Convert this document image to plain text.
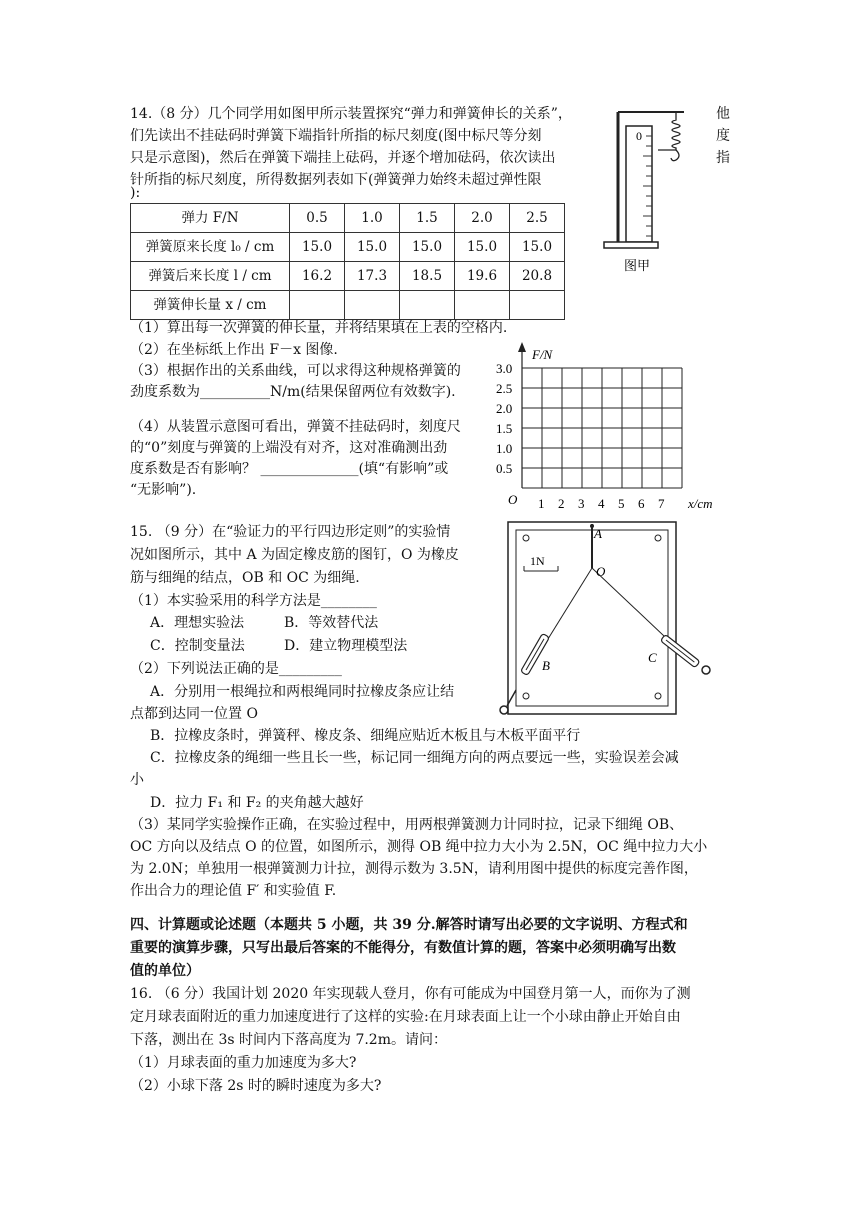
14.（8 分）几个同学用如图甲所示装置探究“弹力和弹簧伸长的关系”，
们先读出不挂砝码时弹簧下端指针所指的标尺刻度(图中标尺等分刻
只是示意图)，然后在弹簧下端挂上砝码，并逐个增加砝码，依次读出
针所指的标尺刻度，所得数据列表如下(弹簧弹力始终未超过弹性限
):
他
度
指
0
图甲
弹力 F/N	0.5	1.0	1.5	2.0	2.5
弹簧原来长度 l₀ / cm	15.0	15.0	15.0	15.0	15.0
弹簧后来长度 l / cm	16.2	17.3	18.5	19.6	20.8
弹簧伸长量 x / cm					
（1）算出每一次弹簧的伸长量，并将结果填在上表的空格内.
（2）在坐标纸上作出 F－x 图像.
（3）根据作出的关系曲线，可以求得这种规格弹簧的
劲度系数为__________N/m(结果保留两位有效数字).
（4）从装置示意图可看出，弹簧不挂砝码时，刻度尺
的“0”刻度与弹簧的上端没有对齐，这对准确测出劲
度系数是否有影响？ ______________(填“有影响”或
“无影响”).
F/N
x/cm
O
3.0
2.5
2.0
1.5
1.0
0.5
1 2 3 4 5 6 7
15. （9 分）在“验证力的平行四边形定则”的实验情
况如图所示，其中 A 为固定橡皮筋的图钉，O 为橡皮
筋与细绳的结点，OB 和 OC 为细绳.
（1）本实验采用的科学方法是________
A．理想实验法	B．等效替代法
C．控制变量法	D．建立物理模型法
（2）下列说法正确的是_________
A．分别用一根绳拉和两根绳同时拉橡皮条应让结
点都到达同一位置 O
B．拉橡皮条时，弹簧秤、橡皮条、细绳应贴近木板且与木板平面平行
C．拉橡皮条的绳细一些且长一些，标记同一细绳方向的两点要远一些，实验误差会减
小
D．拉力 F₁ 和 F₂ 的夹角越大越好
（3）某同学实验操作正确，在实验过程中，用两根弹簧测力计同时拉，记录下细绳 OB、
OC 方向以及结点 O 的位置，如图所示，测得 OB 绳中拉力大小为 2.5N，OC 绳中拉力大小
为 2.0N；单独用一根弹簧测力计拉，测得示数为 3.5N，请利用图中提供的标度完善作图，
作出合力的理论值 F′ 和实验值 F.
1N
A
O
B
C
四、计算题或论述题（本题共 5 小题，共 39 分.解答时请写出必要的文字说明、方程式和
重要的演算步骤，只写出最后答案的不能得分，有数值计算的题，答案中必须明确写出数
值的单位）
16. （6 分）我国计划 2020 年实现载人登月，你有可能成为中国登月第一人，而你为了测
定月球表面附近的重力加速度进行了这样的实验:在月球表面上让一个小球由静止开始自由
下落，测出在 3s 时间内下落高度为 7.2m。请问：
（1）月球表面的重力加速度为多大?
（2）小球下落 2s 时的瞬时速度为多大?
